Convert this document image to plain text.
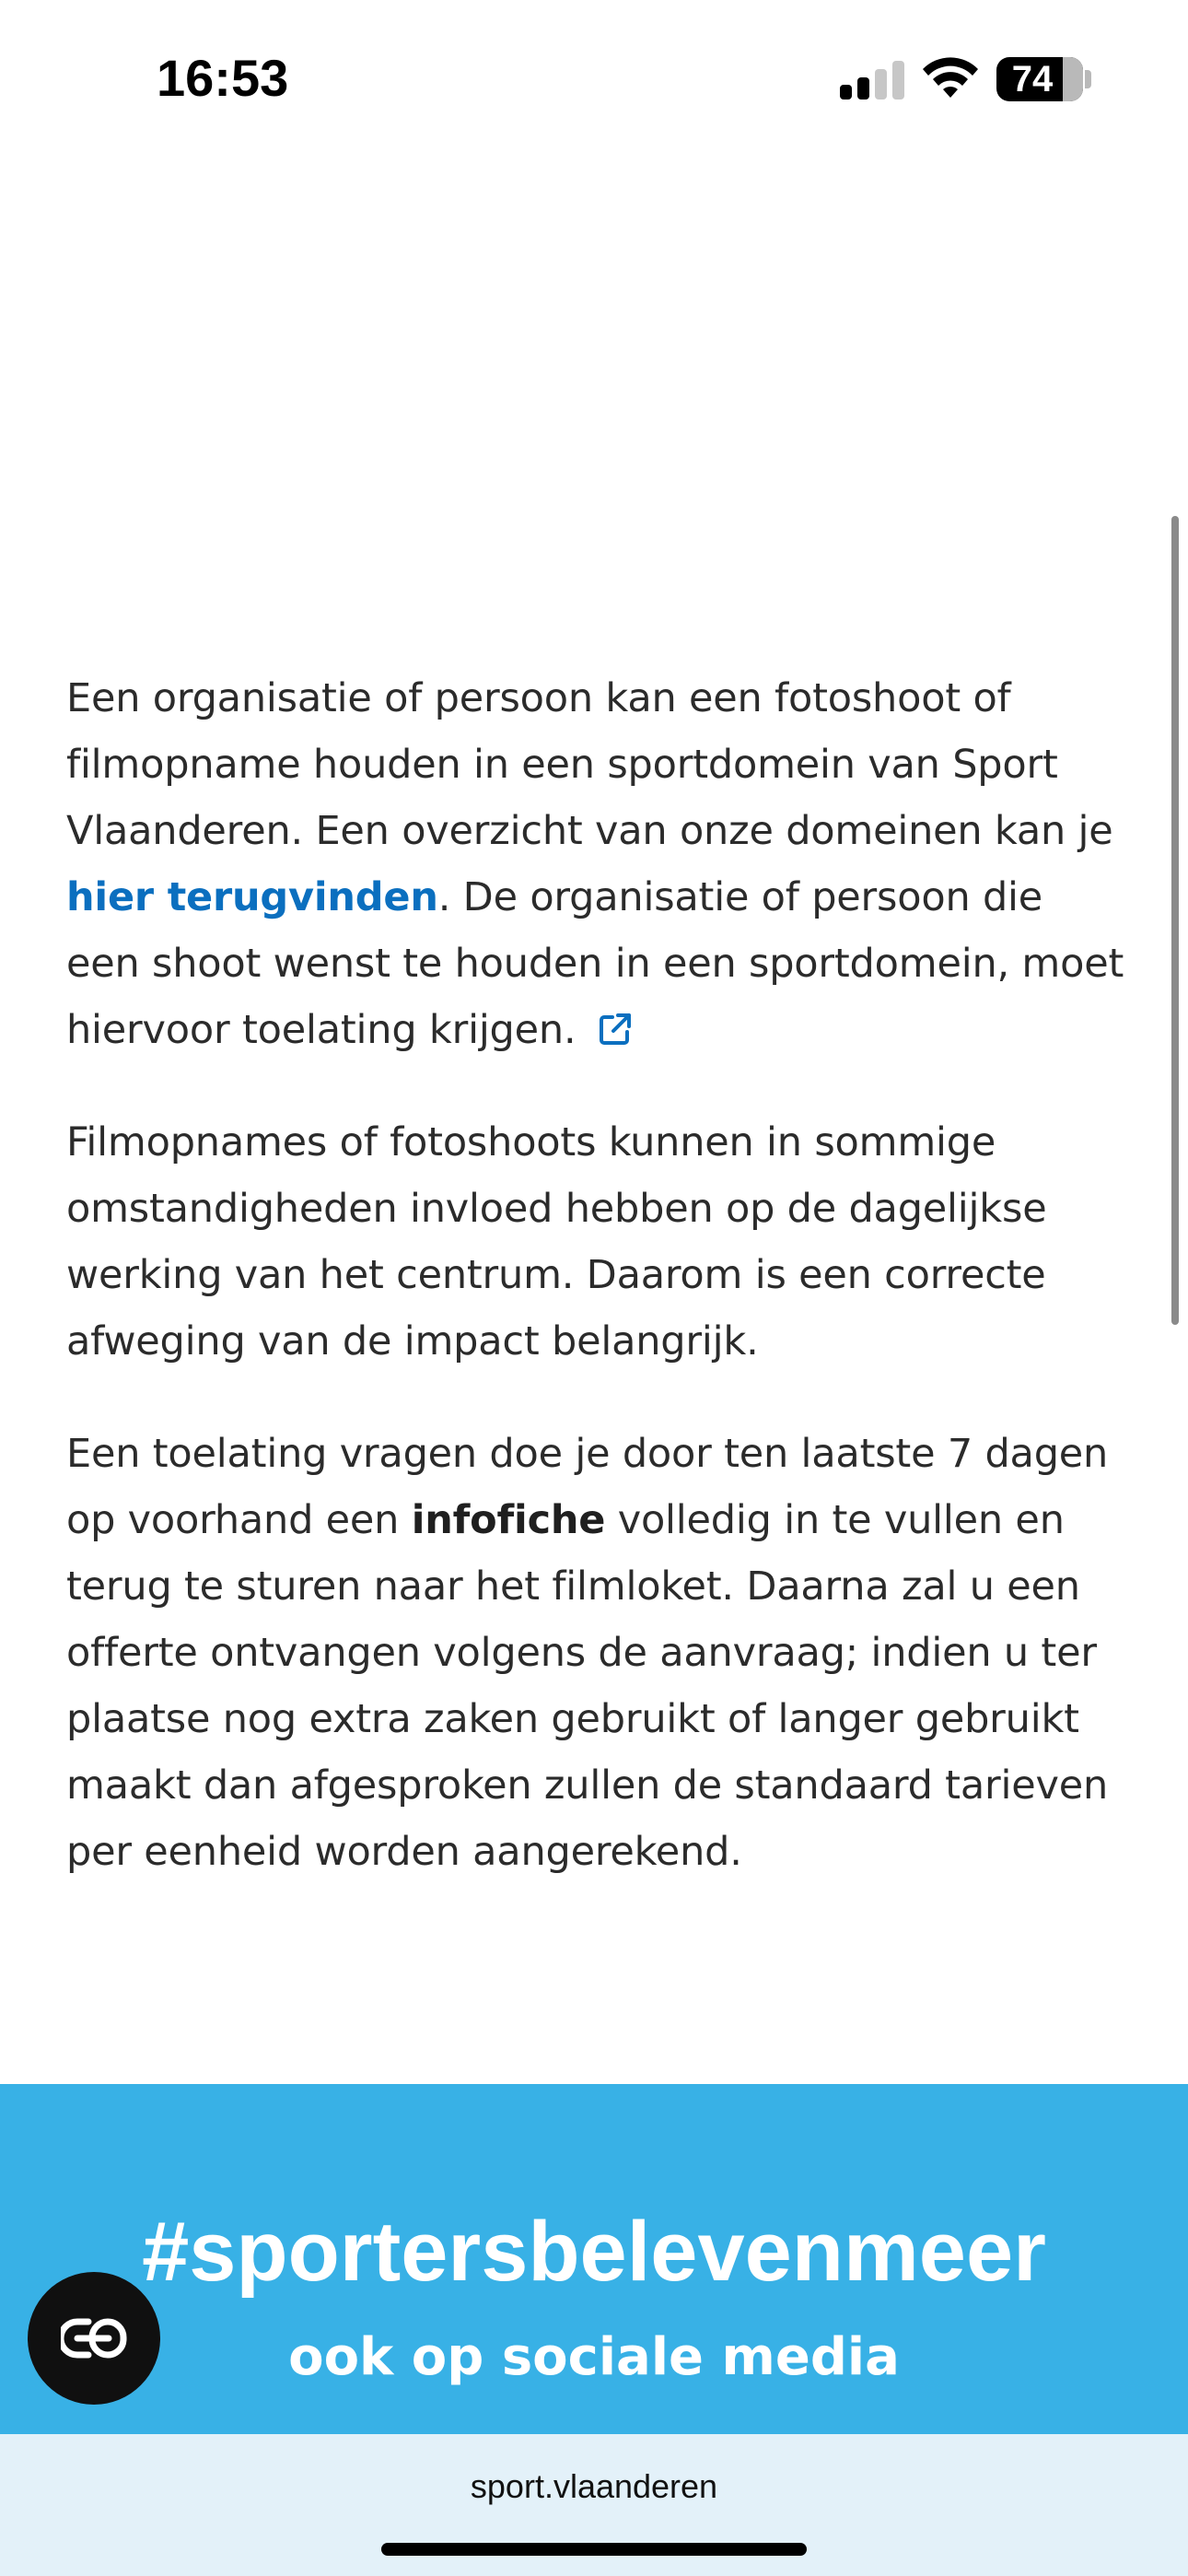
16:53	74

Een organisatie of persoon kan een fotoshoot of filmopname houden in een sportdomein van Sport Vlaanderen. Een overzicht van onze domeinen kan je hier terugvinden. De organisatie of persoon die een shoot wenst te houden in een sportdomein, moet hiervoor toelating krijgen.

Filmopnames of fotoshoots kunnen in sommige omstandigheden invloed hebben op de dagelijkse werking van het centrum. Daarom is een correcte afweging van de impact belangrijk.

Een toelating vragen doe je door ten laatste 7 dagen op voorhand een infofiche volledig in te vullen en terug te sturen naar het filmloket. Daarna zal u een offerte ontvangen volgens de aanvraag; indien u ter plaatse nog extra zaken gebruikt of langer gebruikt maakt dan afgesproken zullen de standaard tarieven per eenheid worden aangerekend.

#sportersbelevenmeer
ook op sociale media
sport.vlaanderen
